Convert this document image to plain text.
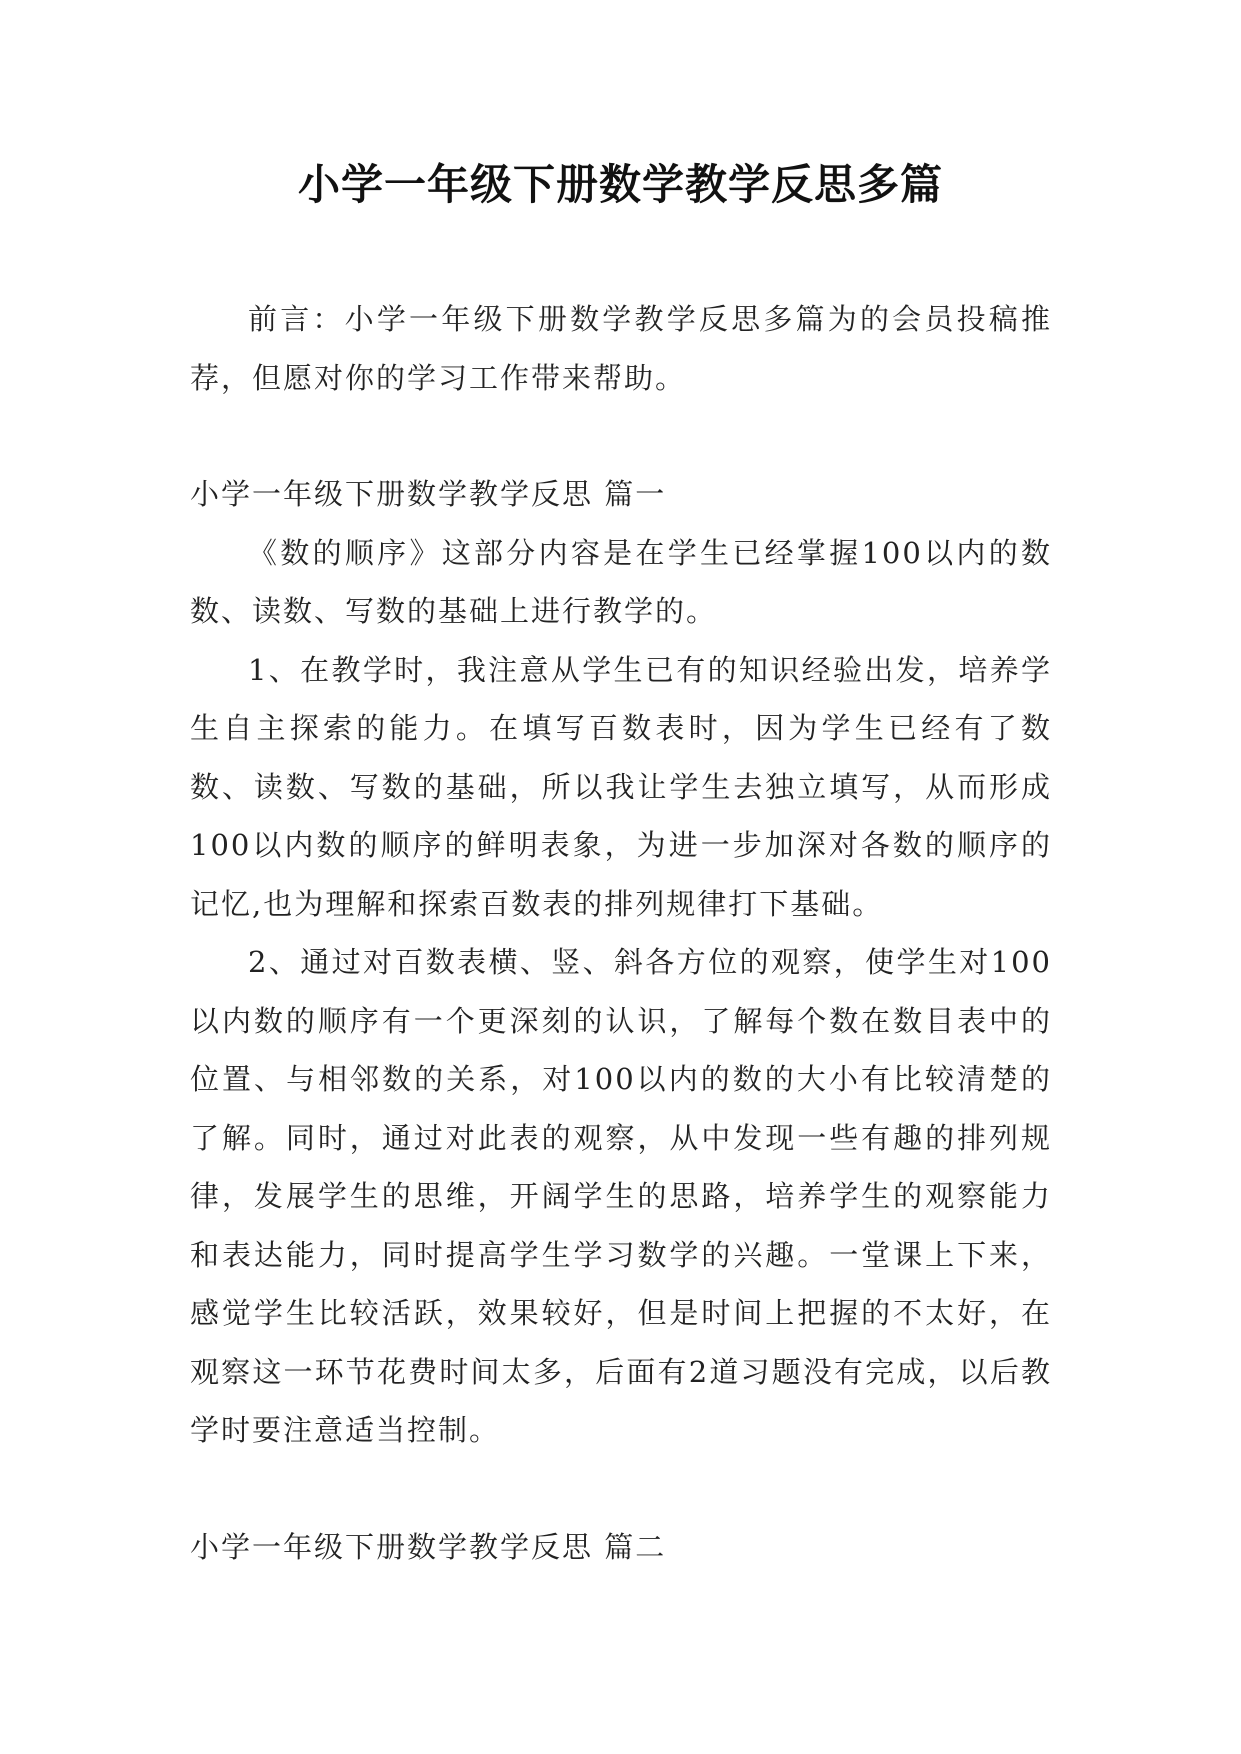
小学一年级下册数学教学反思多篇

前言：小学一年级下册数学教学反思多篇为的会员投稿推荐，但愿对你的学习工作带来帮助。

小学一年级下册数学教学反思 篇一

《数的顺序》这部分内容是在学生已经掌握100以内的数数、读数、写数的基础上进行教学的。

1、在教学时，我注意从学生已有的知识经验出发，培养学生自主探索的能力。在填写百数表时，因为学生已经有了数数、读数、写数的基础，所以我让学生去独立填写，从而形成100以内数的顺序的鲜明表象，为进一步加深对各数的顺序的记忆,也为理解和探索百数表的排列规律打下基础。

2、通过对百数表横、竖、斜各方位的观察，使学生对100以内数的顺序有一个更深刻的认识，了解每个数在数目表中的位置、与相邻数的关系，对100以内的数的大小有比较清楚的了解。同时，通过对此表的观察，从中发现一些有趣的排列规律，发展学生的思维，开阔学生的思路，培养学生的观察能力和表达能力，同时提高学生学习数学的兴趣。一堂课上下来，感觉学生比较活跃，效果较好，但是时间上把握的不太好，在观察这一环节花费时间太多，后面有2道习题没有完成，以后教学时要注意适当控制。

小学一年级下册数学教学反思 篇二
